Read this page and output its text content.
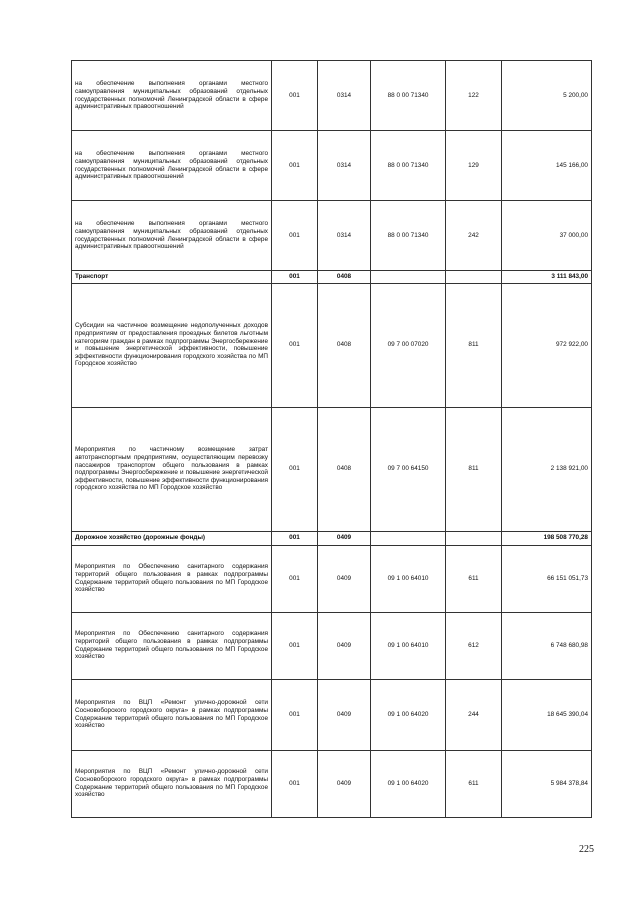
на обеспечение выполнения органами местного самоуправления муниципальных образований отдельных государственных полномочий Ленинградской области в сфере административных правоотношений	001	0314	88 0 00 71340	122	5 200,00
на обеспечение выполнения органами местного самоуправления муниципальных образований отдельных государственных полномочий Ленинградской области в сфере административных правоотношений	001	0314	88 0 00 71340	129	145 166,00
на обеспечение выполнения органами местного самоуправления муниципальных образований отдельных государственных полномочий Ленинградской области в сфере административных правоотношений	001	0314	88 0 00 71340	242	37 000,00
Транспорт	001	0408			3 111 843,00
Субсидии на частичное возмещение недополученных доходов предприятиям от предоставления проездных билетов льготным категориям граждан в рамках подпрограммы Энергосбережение и повышение энергетической эффективности, повышение эффективности функционирования городского хозяйства по МП Городское хозяйство	001	0408	09 7 00 07020	811	972 922,00
Мероприятия по частичному возмещение затрат автотранспортным предприятиям, осуществляющим перевозку пассажиров транспортом общего пользования в рамках подпрограммы Энергосбережение и повышение энергетической эффективности, повышение эффективности функционирования городского хозяйства по МП Городское хозяйство	001	0408	09 7 00 64150	811	2 138 921,00
Дорожное хозяйство (дорожные фонды)	001	0409			198 508 770,28
Мероприятия по Обеспечению санитарного содержания территорий общего пользования в рамках подпрограммы Содержание территорий общего пользования по МП Городское хозяйство	001	0409	09 1 00 64010	611	66 151 051,73
Мероприятия по Обеспечению санитарного содержания территорий общего пользования в рамках подпрограммы Содержание территорий общего пользования по МП Городское хозяйство	001	0409	09 1 00 64010	612	6 748 680,98
Мероприятия по ВЦП «Ремонт улично-дорожной сети Сосновоборского городского округа» в рамках подпрограммы Содержание территорий общего пользования по МП Городское хозяйство	001	0409	09 1 00 64020	244	18 645 390,04
Мероприятия по ВЦП «Ремонт улично-дорожной сети Сосновоборского городского округа» в рамках подпрограммы Содержание территорий общего пользования по МП Городское хозяйство	001	0409	09 1 00 64020	611	5 984 378,84
225
